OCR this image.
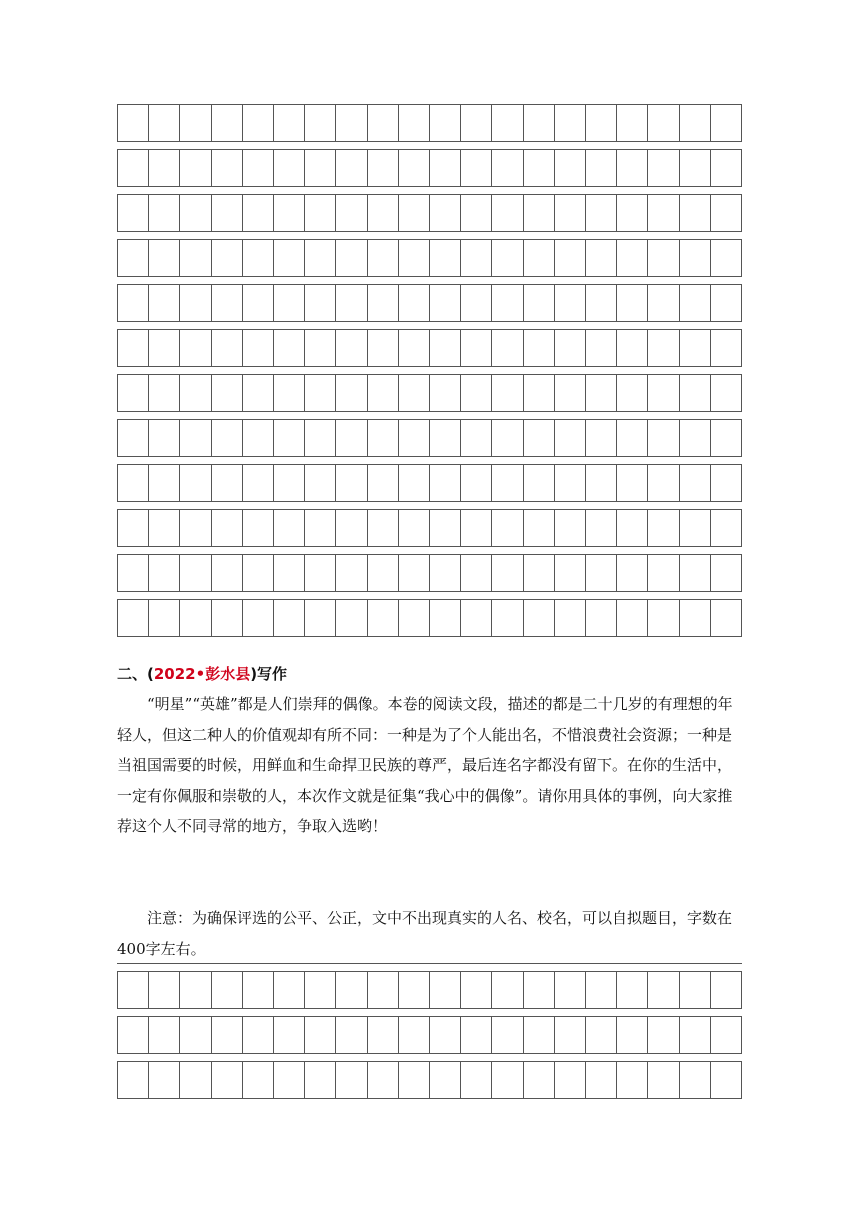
二、(2022•彭水县)写作

“明星”“英雄”都是人们崇拜的偶像。本卷的阅读文段，描述的都是二十几岁的有理想的年轻人，但这二种人的价值观却有所不同：一种是为了个人能出名，不惜浪费社会资源；一种是当祖国需要的时候，用鲜血和生命捍卫民族的尊严，最后连名字都没有留下。在你的生活中，一定有你佩服和崇敬的人，本次作文就是征集“我心中的偶像”。请你用具体的事例，向大家推荐这个人不同寻常的地方，争取入选哟！

注意：为确保评选的公平、公正，文中不出现真实的人名、校名，可以自拟题目，字数在400字左右。
